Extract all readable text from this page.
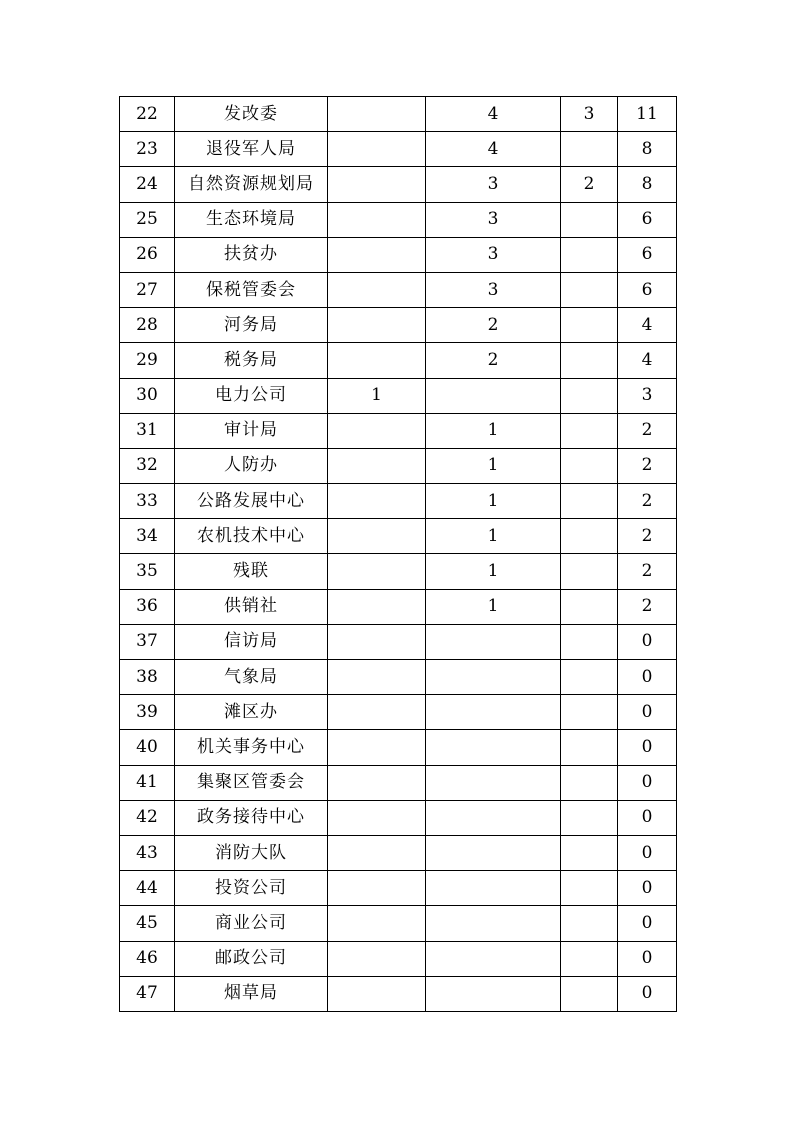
22	发改委		4	3	11
23	退役军人局		4		8
24	自然资源规划局		3	2	8
25	生态环境局		3		6
26	扶贫办		3		6
27	保税管委会		3		6
28	河务局		2		4
29	税务局		2		4
30	电力公司	1			3
31	审计局		1		2
32	人防办		1		2
33	公路发展中心		1		2
34	农机技术中心		1		2
35	残联		1		2
36	供销社		1		2
37	信访局				0
38	气象局				0
39	滩区办				0
40	机关事务中心				0
41	集聚区管委会				0
42	政务接待中心				0
43	消防大队				0
44	投资公司				0
45	商业公司				0
46	邮政公司				0
47	烟草局				0
